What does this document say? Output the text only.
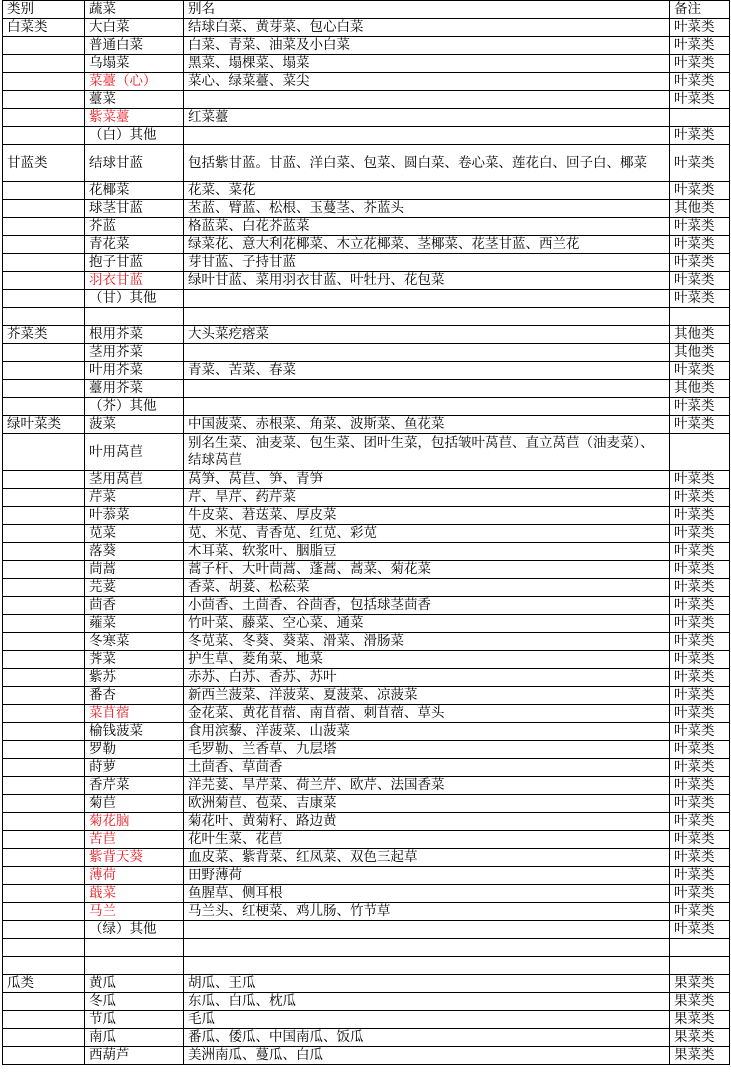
类别	蔬菜	别名	备注
白菜类	大白菜	结球白菜、黄芽菜、包心白菜	叶菜类
	普通白菜	白菜、青菜、油菜及小白菜	叶菜类
	乌塌菜	黑菜、塌棵菜、塌菜	叶菜类
	菜薹（心）	菜心、绿菜薹、菜尖	叶菜类
	薹菜		叶菜类
	紫菜薹	红菜薹	
	（白）其他		叶菜类
甘蓝类	结球甘蓝	包括紫甘蓝。甘蓝、洋白菜、包菜、圆白菜、卷心菜、莲花白、回子白、椰菜	叶菜类
	花椰菜	花菜、菜花	叶菜类
	球茎甘蓝	苤蓝、臂蓝、松根、玉蔓茎、芥蓝头	其他类
	芥蓝	格蓝菜、白花芥蓝菜	叶菜类
	青花菜	绿菜花、意大利花椰菜、木立花椰菜、茎椰菜、花茎甘蓝、西兰花	叶菜类
	抱子甘蓝	芽甘蓝、子持甘蓝	叶菜类
	羽衣甘蓝	绿叶甘蓝、菜用羽衣甘蓝、叶牡丹、花包菜	叶菜类
	（甘）其他		叶菜类

芥菜类	根用芥菜	大头菜疙瘩菜	其他类
	茎用芥菜		其他类
	叶用芥菜	青菜、苦菜、春菜	叶菜类
	薹用芥菜		其他类
	（芥）其他		叶菜类
绿叶菜类	菠菜	中国菠菜、赤根菜、角菜、波斯菜、鱼花菜	叶菜类
	叶用莴苣	别名生菜、油麦菜、包生菜、团叶生菜，包括皱叶莴苣、直立莴苣（油麦菜）、结球莴苣	
	茎用莴苣	莴笋、莴苣、笋、青笋	叶菜类
	芹菜	芹、旱芹、药芹菜	叶菜类
	叶菾菜	牛皮菜、莙荙菜、厚皮菜	叶菜类
	苋菜	苋、米苋、青香苋、红苋、彩苋	叶菜类
	落葵	木耳菜、软浆叶、胭脂豆	叶菜类
	茼蒿	蒿子杆、大叶茼蒿、蓬蒿、蒿菜、菊花菜	叶菜类
	芫荽	香菜、胡荽、松菘菜	叶菜类
	茴香	小茴香、土茴香、谷茴香，包括球茎茴香	叶菜类
	蕹菜	竹叶菜、藤菜、空心菜、通菜	叶菜类
	冬寒菜	冬苋菜、冬葵、葵菜、滑菜、滑肠菜	叶菜类
	荠菜	护生草、菱角菜、地菜	叶菜类
	紫苏	赤苏、白苏、香苏、苏叶	叶菜类
	番杏	新西兰菠菜、洋菠菜、夏菠菜、凉菠菜	叶菜类
	菜苜蓿	金花菜、黄花苜蓿、南苜蓿、刺苜蓿、草头	叶菜类
	榆钱菠菜	食用滨藜、洋菠菜、山菠菜	叶菜类
	罗勒	毛罗勒、兰香草、九层塔	叶菜类
	莳萝	土茴香、草茴香	叶菜类
	香芹菜	洋芫荽、旱芹菜、荷兰芹、欧芹、法国香菜	叶菜类
	菊苣	欧洲菊苣、苞菜、吉康菜	叶菜类
	菊花脑	菊花叶、黄菊籽、路边黄	叶菜类
	苦苣	花叶生菜、花苣	叶菜类
	紫背天葵	血皮菜、紫背菜、红凤菜、双色三起草	叶菜类
	薄荷	田野薄荷	叶菜类
	蕺菜	鱼腥草、侧耳根	叶菜类
	马兰	马兰头、红梗菜、鸡儿肠、竹节草	叶菜类
	（绿）其他		叶菜类

瓜类	黄瓜	胡瓜、王瓜	果菜类
	冬瓜	东瓜、白瓜、枕瓜	果菜类
	节瓜	毛瓜	果菜类
	南瓜	番瓜、倭瓜、中国南瓜、饭瓜	果菜类
	西葫芦	美洲南瓜、蔓瓜、白瓜	果菜类
